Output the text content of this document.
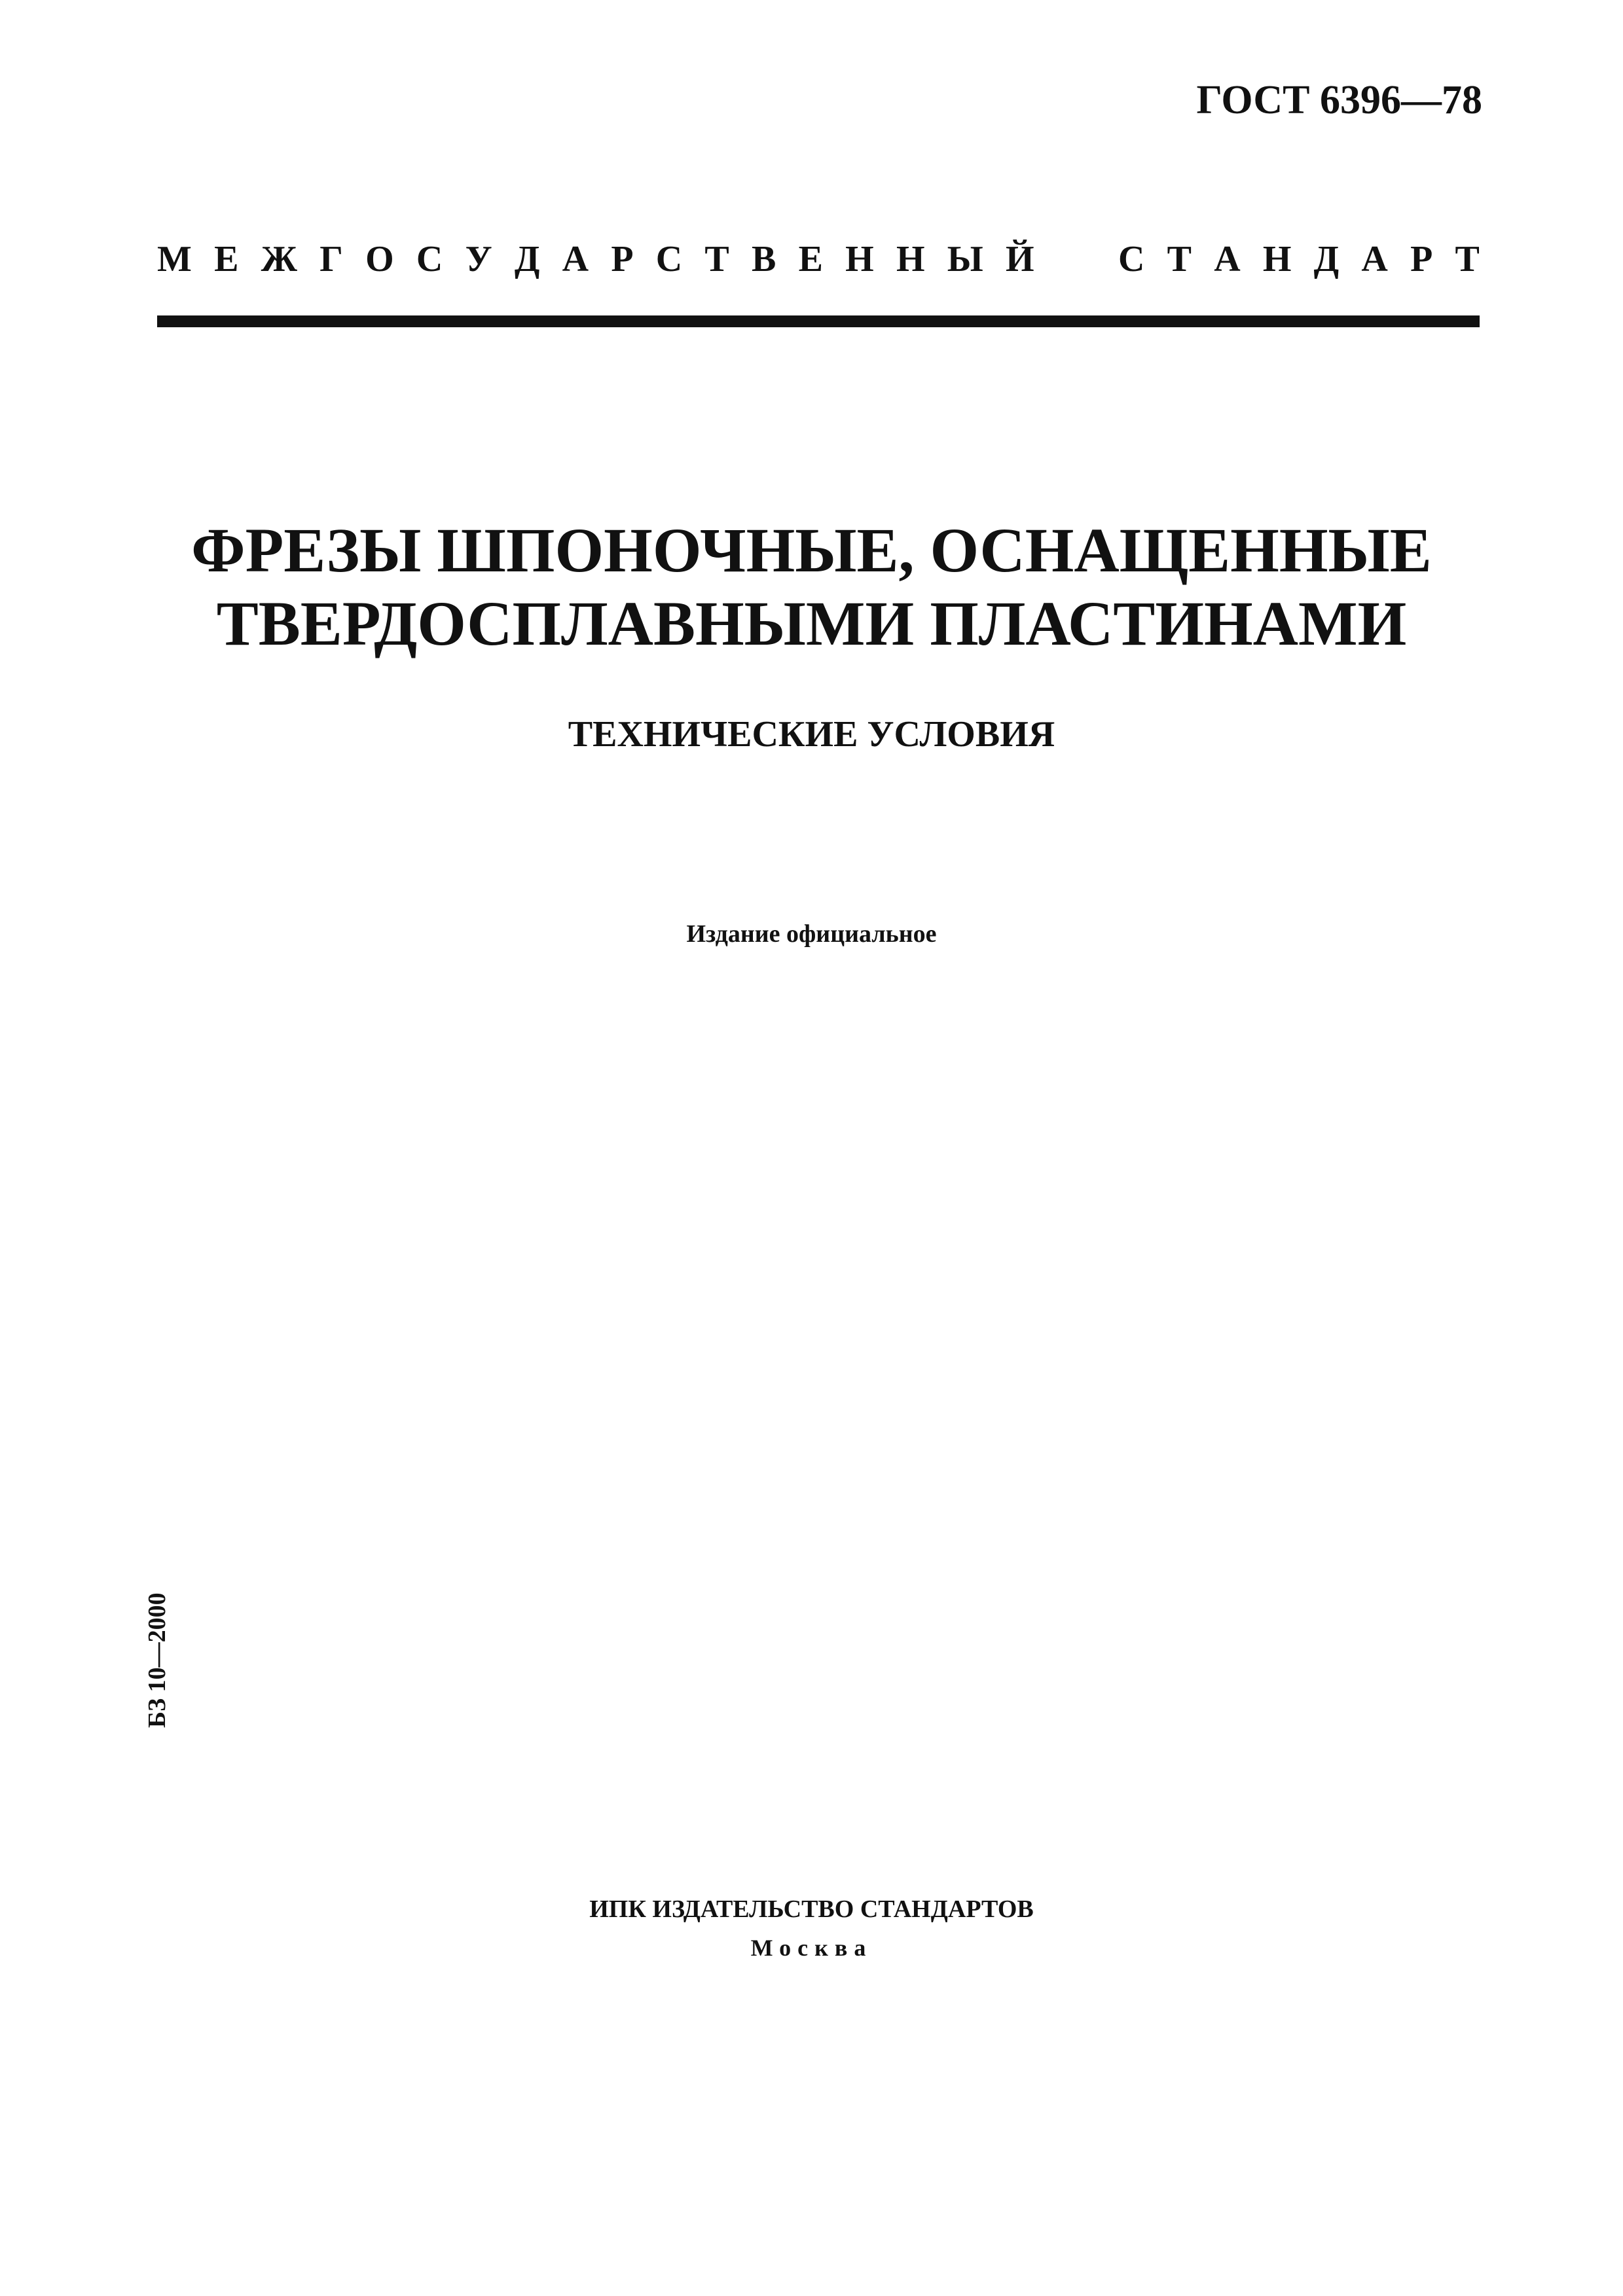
ГОСТ 6396—78
М Е Ж Г О С У Д А Р С Т В Е Н Н Ы Й С Т А Н Д А Р Т
ФРЕЗЫ ШПОНОЧНЫЕ, ОСНАЩЕННЫЕ
ТВЕРДОСПЛАВНЫМИ ПЛАСТИНАМИ
ТЕХНИЧЕСКИЕ УСЛОВИЯ
Издание официальное
БЗ 10—2000
ИПК ИЗДАТЕЛЬСТВО СТАНДАРТОВ
Москва
